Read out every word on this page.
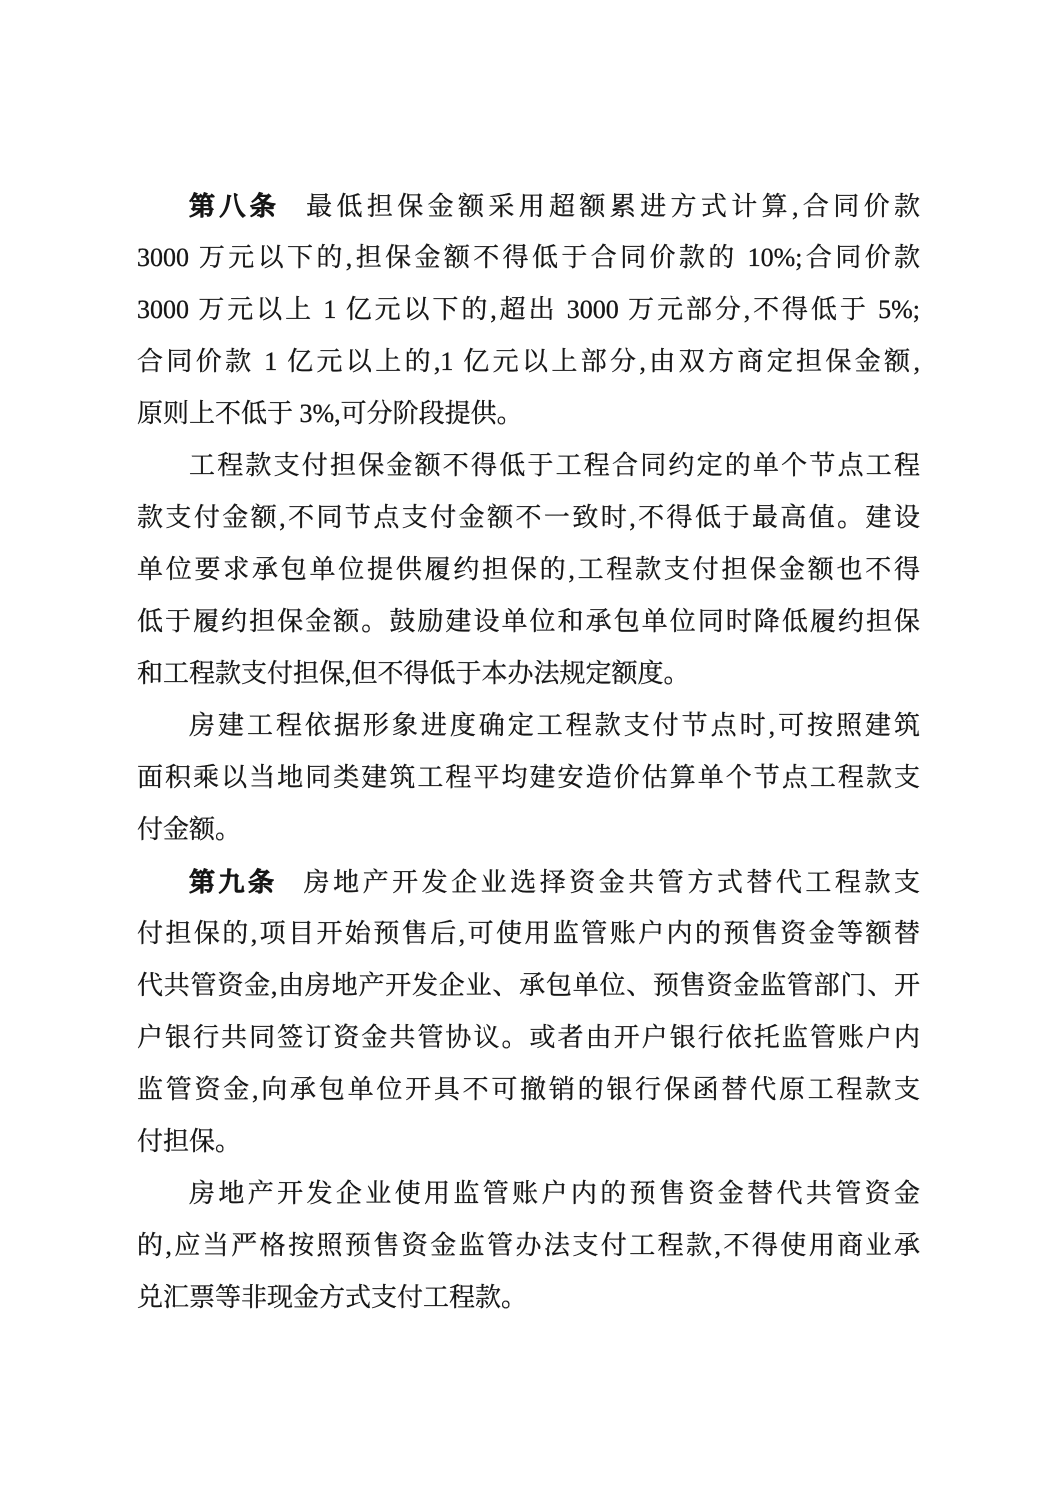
第八条 最低担保金额采用超额累进方式计算,合同价款
3000 万元以下的,担保金额不得低于合同价款的 10%;合同价款
3000 万元以上 1 亿元以下的,超出 3000 万元部分,不得低于 5%;
合同价款 1 亿元以上的,1 亿元以上部分,由双方商定担保金额,
原则上不低于 3%,可分阶段提供。
工程款支付担保金额不得低于工程合同约定的单个节点工程
款支付金额,不同节点支付金额不一致时,不得低于最高值。建设
单位要求承包单位提供履约担保的,工程款支付担保金额也不得
低于履约担保金额。鼓励建设单位和承包单位同时降低履约担保
和工程款支付担保,但不得低于本办法规定额度。
房建工程依据形象进度确定工程款支付节点时,可按照建筑
面积乘以当地同类建筑工程平均建安造价估算单个节点工程款支
付金额。
第九条 房地产开发企业选择资金共管方式替代工程款支
付担保的,项目开始预售后,可使用监管账户内的预售资金等额替
代共管资金,由房地产开发企业、承包单位、预售资金监管部门、开
户银行共同签订资金共管协议。或者由开户银行依托监管账户内
监管资金,向承包单位开具不可撤销的银行保函替代原工程款支
付担保。
房地产开发企业使用监管账户内的预售资金替代共管资金
的,应当严格按照预售资金监管办法支付工程款,不得使用商业承
兑汇票等非现金方式支付工程款。
